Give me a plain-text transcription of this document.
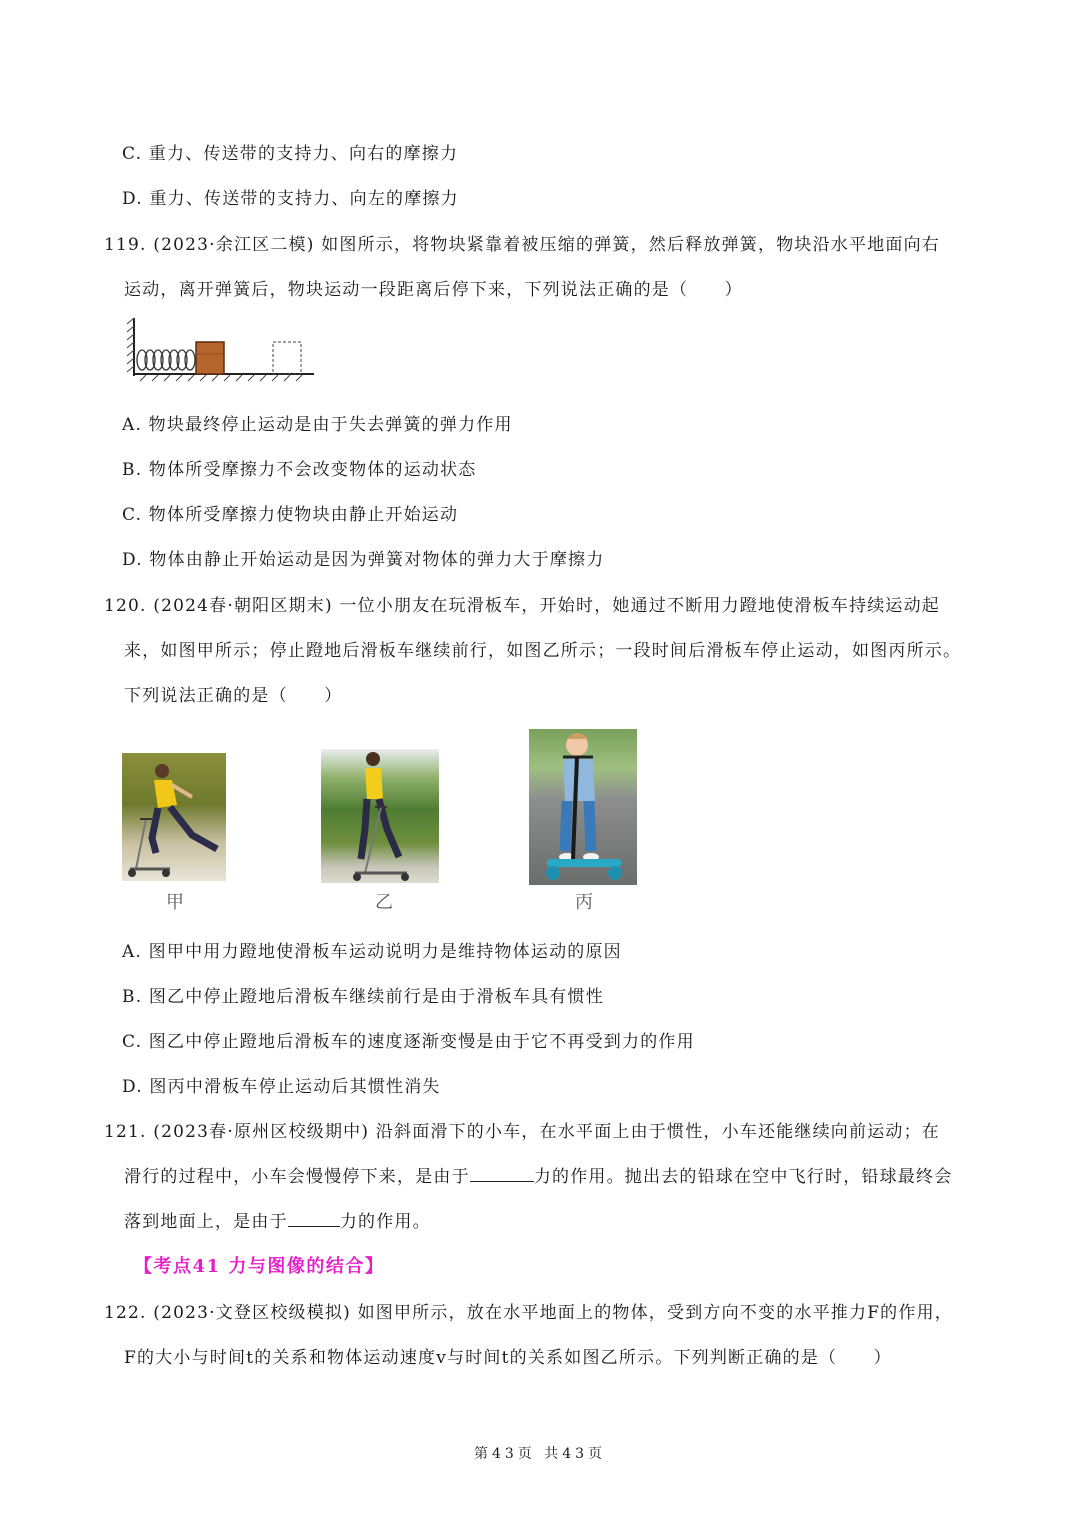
C. 重力、传送带的支持力、向右的摩擦力
D. 重力、传送带的支持力、向左的摩擦力
119. (2023·余江区二模) 如图所示，将物块紧靠着被压缩的弹簧，然后释放弹簧，物块沿水平地面向右
运动，离开弹簧后，物块运动一段距离后停下来，下列说法正确的是（　　）
A. 物块最终停止运动是由于失去弹簧的弹力作用
B. 物体所受摩擦力不会改变物体的运动状态
C. 物体所受摩擦力使物块由静止开始运动
D. 物体由静止开始运动是因为弹簧对物体的弹力大于摩擦力
120. (2024春·朝阳区期末) 一位小朋友在玩滑板车，开始时，她通过不断用力蹬地使滑板车持续运动起
来，如图甲所示；停止蹬地后滑板车继续前行，如图乙所示；一段时间后滑板车停止运动，如图丙所示。
下列说法正确的是（　　）
甲	乙	丙
A. 图甲中用力蹬地使滑板车运动说明力是维持物体运动的原因
B. 图乙中停止蹬地后滑板车继续前行是由于滑板车具有惯性
C. 图乙中停止蹬地后滑板车的速度逐渐变慢是由于它不再受到力的作用
D. 图丙中滑板车停止运动后其惯性消失
121. (2023春·原州区校级期中) 沿斜面滑下的小车，在水平面上由于惯性，小车还能继续向前运动；在
滑行的过程中，小车会慢慢停下来，是由于	力的作用。抛出去的铅球在空中飞行时，铅球最终会
落到地面上，是由于	力的作用。
【考点41 力与图像的结合】
122. (2023·文登区校级模拟) 如图甲所示，放在水平地面上的物体，受到方向不变的水平推力F的作用，
F的大小与时间t的关系和物体运动速度v与时间t的关系如图乙所示。下列判断正确的是（　　）
第43页 共43页
